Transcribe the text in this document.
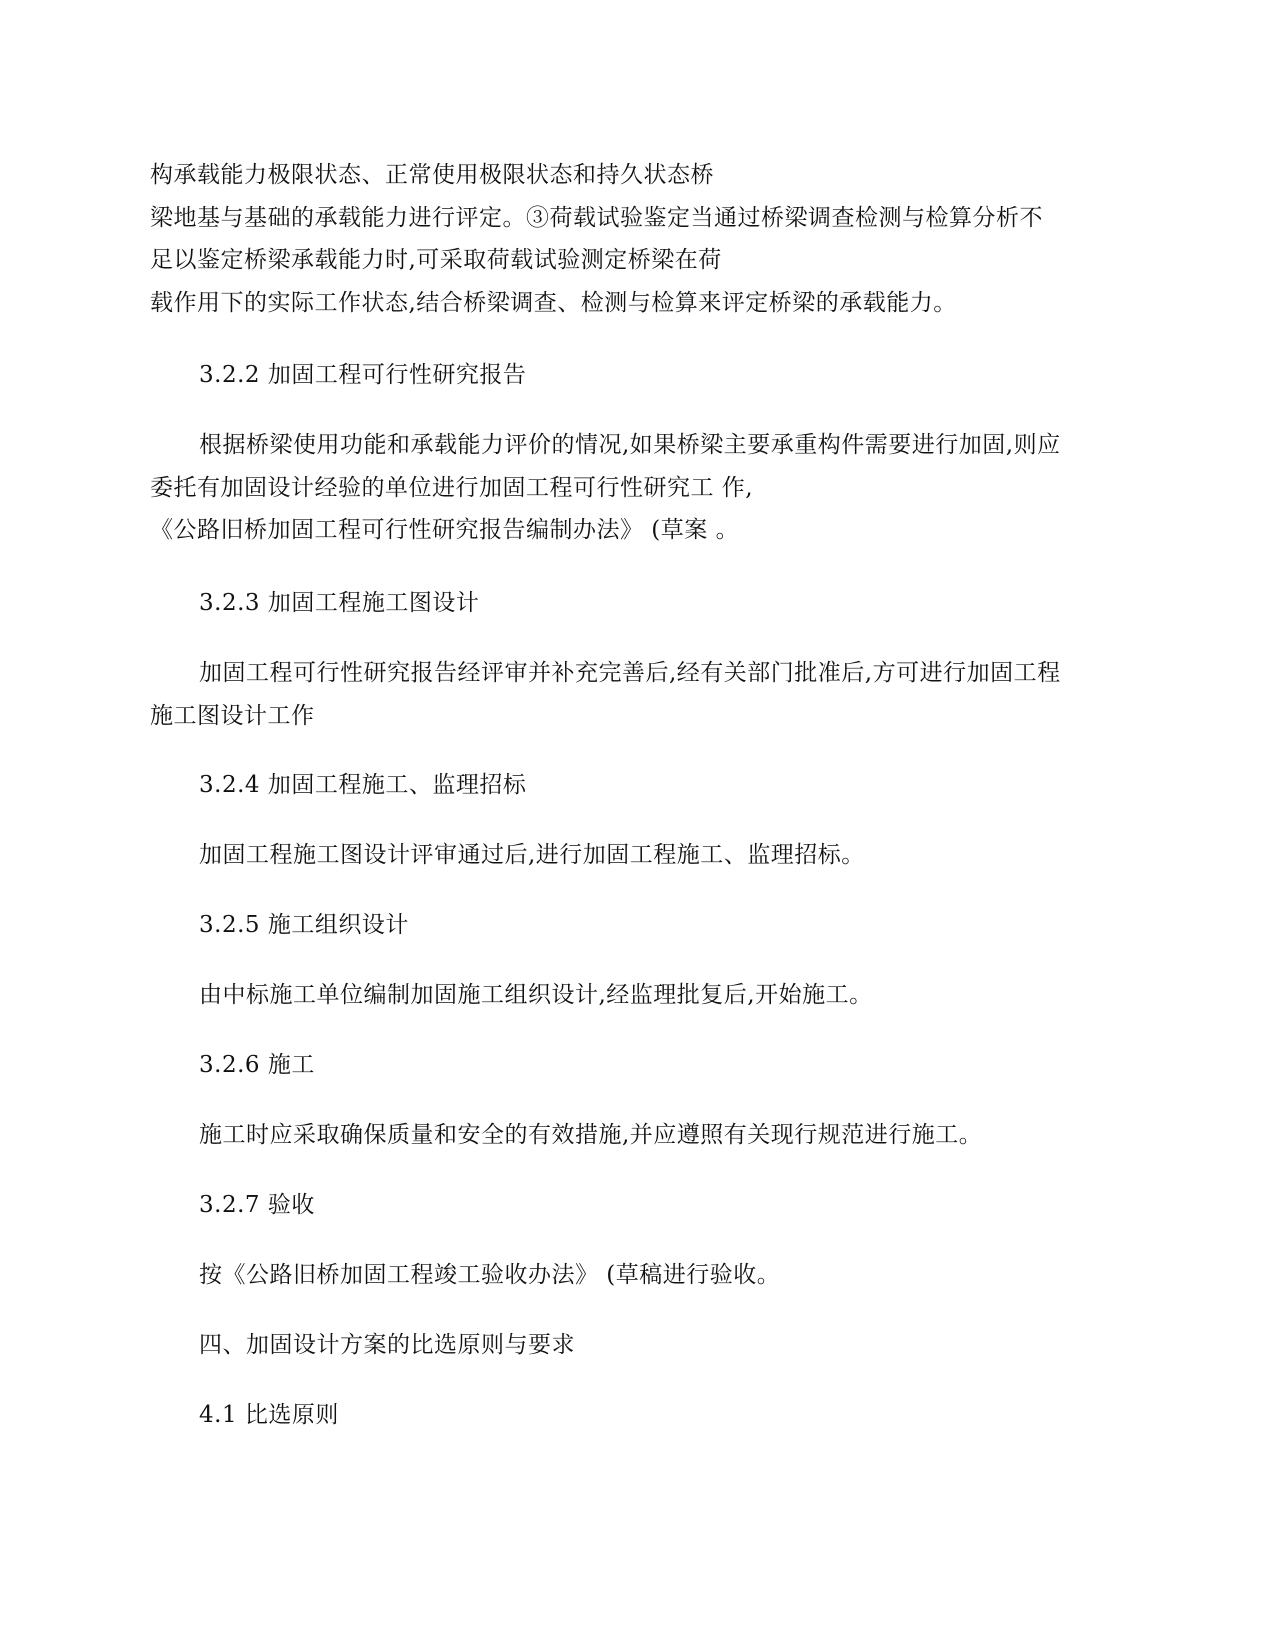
构承载能力极限状态、正常使用极限状态和持久状态桥
梁地基与基础的承载能力进行评定。③荷载试验鉴定当通过桥梁调查检测与检算分析不
足以鉴定桥梁承载能力时,可采取荷载试验测定桥梁在荷
载作用下的实际工作状态,结合桥梁调查、检测与检算来评定桥梁的承载能力。
3.2.2 加固工程可行性研究报告
根据桥梁使用功能和承载能力评价的情况,如果桥梁主要承重构件需要进行加固,则应
委托有加固设计经验的单位进行加固工程可行性研究工 作,
《公路旧桥加固工程可行性研究报告编制办法》 (草案 。
3.2.3 加固工程施工图设计
加固工程可行性研究报告经评审并补充完善后,经有关部门批准后,方可进行加固工程
施工图设计工作
3.2.4 加固工程施工、监理招标
加固工程施工图设计评审通过后,进行加固工程施工、监理招标。
3.2.5 施工组织设计
由中标施工单位编制加固施工组织设计,经监理批复后,开始施工。
3.2.6 施工
施工时应采取确保质量和安全的有效措施,并应遵照有关现行规范进行施工。
3.2.7 验收
按《公路旧桥加固工程竣工验收办法》 (草稿进行验收。
四、加固设计方案的比选原则与要求
4.1 比选原则
